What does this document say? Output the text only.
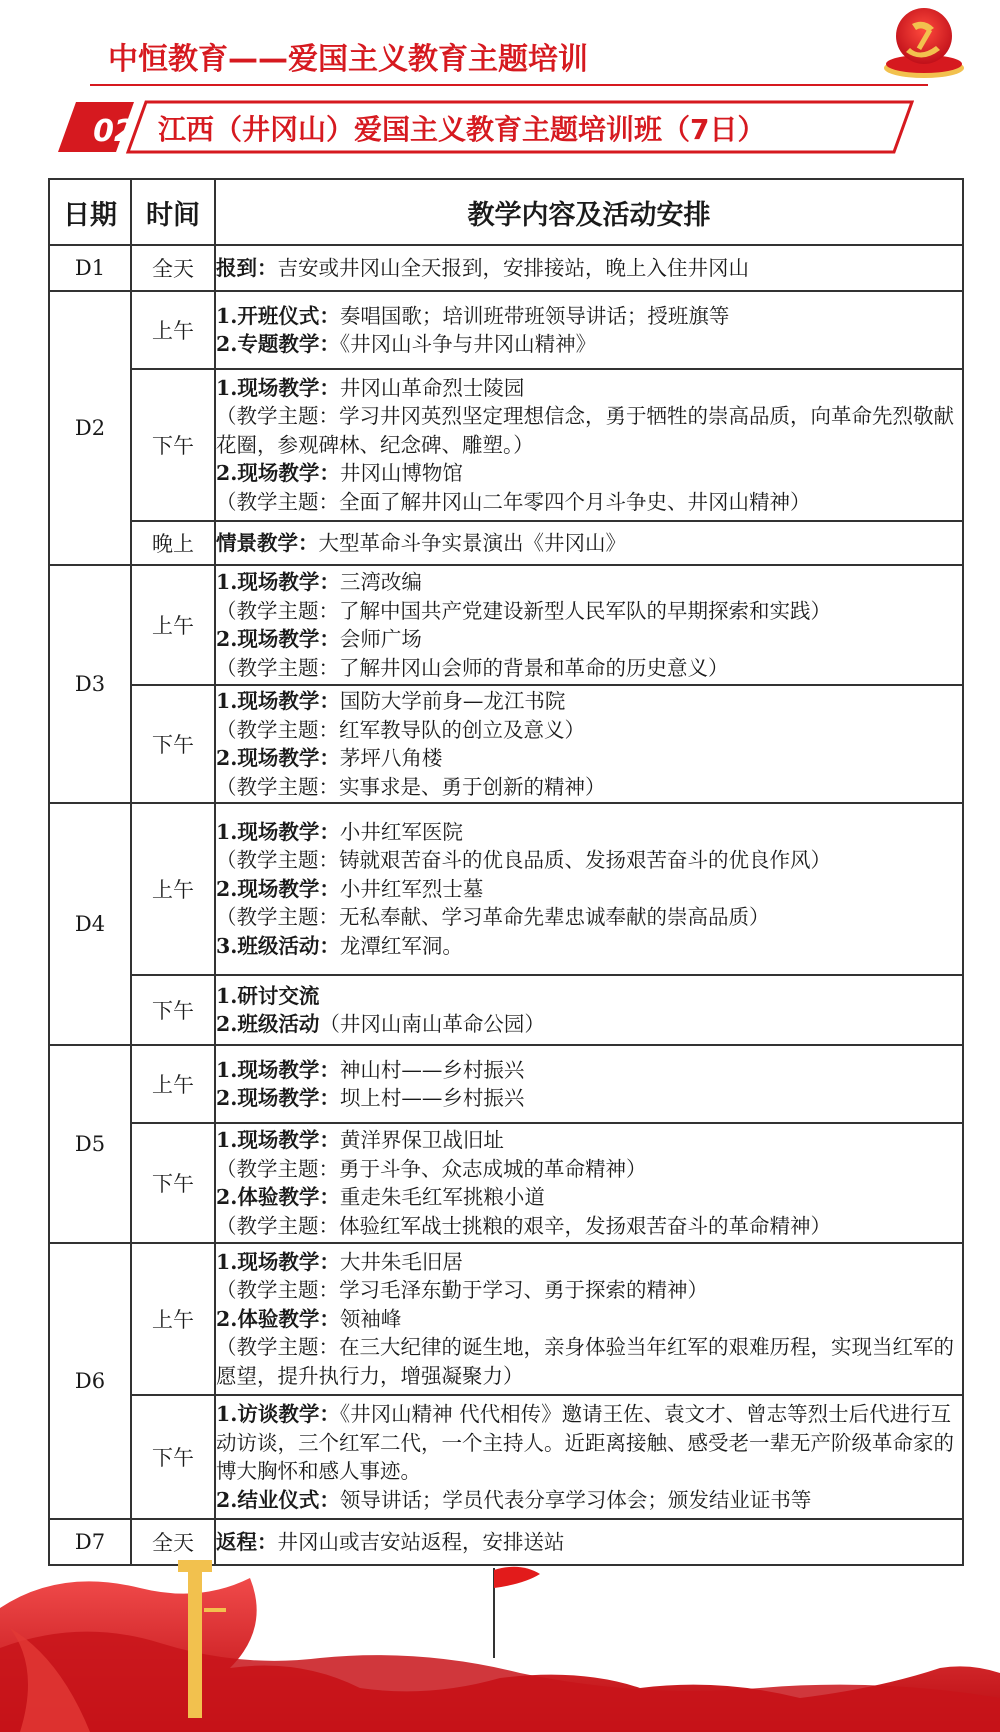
中恒教育——爱国主义教育主题培训
02 江西（井冈山）爱国主义教育主题培训班（7日）
日期	时间	教学内容及活动安排
D1	全天	报到：吉安或井冈山全天报到，安排接站，晚上入住井冈山

D2	上午	1.开班仪式：奏唱国歌；培训班带班领导讲话；授班旗等
2.专题教学：《井冈山斗争与井冈山精神》

	下午	1.现场教学：井冈山革命烈士陵园
（教学主题：学习井冈英烈坚定理想信念，勇于牺牲的崇高品质，向革命先烈敬献花圈，参观碑林、纪念碑、雕塑。）
2.现场教学：井冈山博物馆
（教学主题：全面了解井冈山二年零四个月斗争史、井冈山精神）

	晚上	情景教学：大型革命斗争实景演出《井冈山》

D3	上午	1.现场教学：三湾改编
（教学主题：了解中国共产党建设新型人民军队的早期探索和实践）
2.现场教学：会师广场
（教学主题：了解井冈山会师的背景和革命的历史意义）

	下午	1.现场教学：国防大学前身—龙江书院
（教学主题：红军教导队的创立及意义）
2.现场教学：茅坪八角楼
（教学主题：实事求是、勇于创新的精神）

D4	上午	1.现场教学：小井红军医院
（教学主题：铸就艰苦奋斗的优良品质、发扬艰苦奋斗的优良作风）
2.现场教学：小井红军烈士墓
（教学主题：无私奉献、学习革命先辈忠诚奉献的崇高品质）
3.班级活动：龙潭红军洞。

	下午	1.研讨交流
2.班级活动（井冈山南山革命公园）

D5	上午	1.现场教学：神山村——乡村振兴
2.现场教学：坝上村——乡村振兴

	下午	1.现场教学：黄洋界保卫战旧址
（教学主题：勇于斗争、众志成城的革命精神）
2.体验教学：重走朱毛红军挑粮小道
（教学主题：体验红军战士挑粮的艰辛，发扬艰苦奋斗的革命精神）

D6	上午	1.现场教学：大井朱毛旧居
（教学主题：学习毛泽东勤于学习、勇于探索的精神）
2.体验教学：领袖峰
（教学主题：在三大纪律的诞生地，亲身体验当年红军的艰难历程，实现当红军的愿望，提升执行力，增强凝聚力）

	下午	1.访谈教学：《井冈山精神 代代相传》邀请王佐、袁文才、曾志等烈士后代进行互动访谈，三个红军二代，一个主持人。近距离接触、感受老一辈无产阶级革命家的博大胸怀和感人事迹。
2.结业仪式：领导讲话；学员代表分享学习体会；颁发结业证书等

D7	全天	返程：井冈山或吉安站返程，安排送站
